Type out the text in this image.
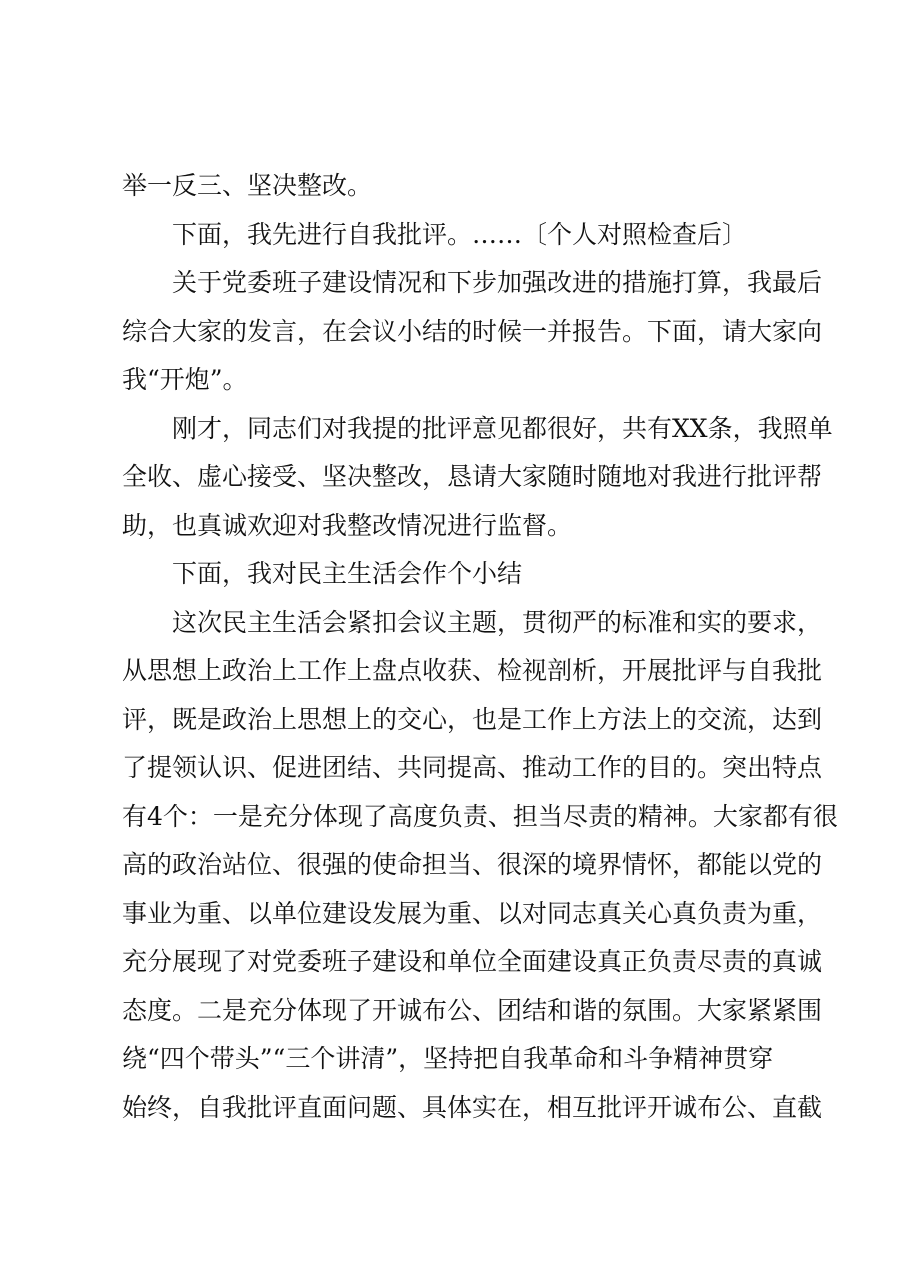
举一反三、坚决整改。
下面，我先进行自我批评。……〔个人对照检查后〕
关于党委班子建设情况和下步加强改进的措施打算，我最后
综合大家的发言，在会议小结的时候一并报告。下面，请大家向
我“开炮”。
刚才，同志们对我提的批评意见都很好，共有XX条，我照单
全收、虚心接受、坚决整改，恳请大家随时随地对我进行批评帮
助，也真诚欢迎对我整改情况进行监督。
下面，我对民主生活会作个小结
这次民主生活会紧扣会议主题，贯彻严的标准和实的要求，
从思想上政治上工作上盘点收获、检视剖析，开展批评与自我批
评，既是政治上思想上的交心，也是工作上方法上的交流，达到
了提领认识、促进团结、共同提高、推动工作的目的。突出特点
有4个：一是充分体现了高度负责、担当尽责的精神。大家都有很
高的政治站位、很强的使命担当、很深的境界情怀，都能以党的
事业为重、以单位建设发展为重、以对同志真关心真负责为重，
充分展现了对党委班子建设和单位全面建设真正负责尽责的真诚
态度。二是充分体现了开诚布公、团结和谐的氛围。大家紧紧围
绕“四个带头”“三个讲清”，坚持把自我革命和斗争精神贯穿
始终，自我批评直面问题、具体实在，相互批评开诚布公、直截
